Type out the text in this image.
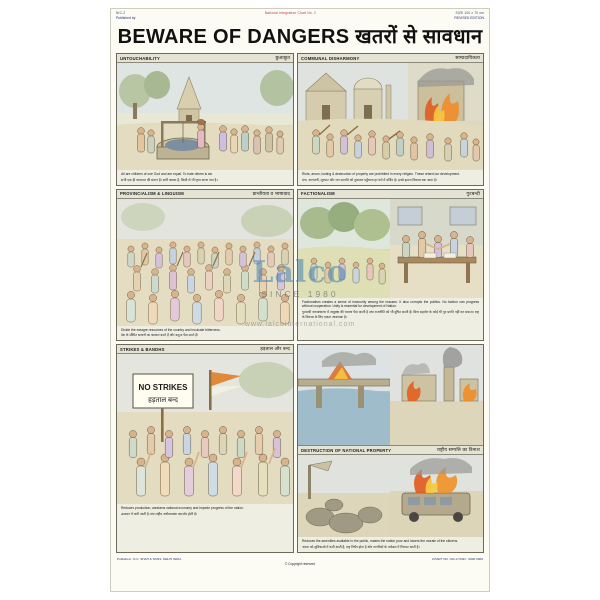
NIC-2	National Integration Chart No. 2	SIZE 100 x 70 cm
Published by	REVISED EDITION
BEWARE OF DANGERS खतरों से सावधान
UNTOUCHABILITY	छुआछूत
All are children of one God and are equal. To hate others is sin.
सभी एक ही परमात्मा की संतान हैं। सभी बराबर हैं, किसी से भी घृणा करना पाप है।
COMMUNAL DISHARMONY	साम्प्रदायिकता
Riots, arson, looting & destruction of property are prohibited in every religion. These retard our development.
दंगा, आगजनी, लूटपाट और जन सम्पत्ति को नुकसान पहुँचाना हर धर्म में वर्जित है। इनसे हमारा विकास रुक जाता है।
PROVINCIALISM & LINGUISM	प्रान्तीयता व भाषावाद
Divide the meagre resources of the country and inculcate bitterness.
देश के सीमित साधनों का बंटवारा करते हैं और कटुता पैदा करते हैं।
FACTIONALISM	गुटबन्दी
Factionalism creates a sense of insecurity among the masses. It also corrupts the politics. No faction can progress without cooperation. Unity is essential for development of Nation.
गुटबन्दी जनसाधारण में असुरक्षा की भावना पैदा करती है तथा राजनीति को भी दूषित करती है। बिना सहयोग के कोई भी गुट प्रगति नहीं कर सकता। राष्ट्र के विकास के लिए एकता आवश्यक है।
STRIKES & BANDHS	हड़ताल और बन्द
NO STRIKES
हड़ताल बन्द
Reduces production, weakens national economy and impede progress of the nation.
उत्पादन में कमी आती है तथा राष्ट्रीय अर्थव्यवस्था कमजोर होती है।
DESTRUCTION OF NATIONAL PROPERTY	राष्ट्रीय सम्पत्ति का विनाश
Reduces the amenities available to the public, makes the nation poor and lowers the morale of the citizens.
जनता को सुविधाओं में कमी आती है, राष्ट्र निर्धन होता है और नागरिकों के मनोबल में गिरावट आती है।
Published : N.C. SHAH & SONS, DELHI INDIA	CHART NO. NIC-2 ISSN : 0000 0000
© Copyright reserved
Lalco
SINCE 1980
www.lalcointernational.com
